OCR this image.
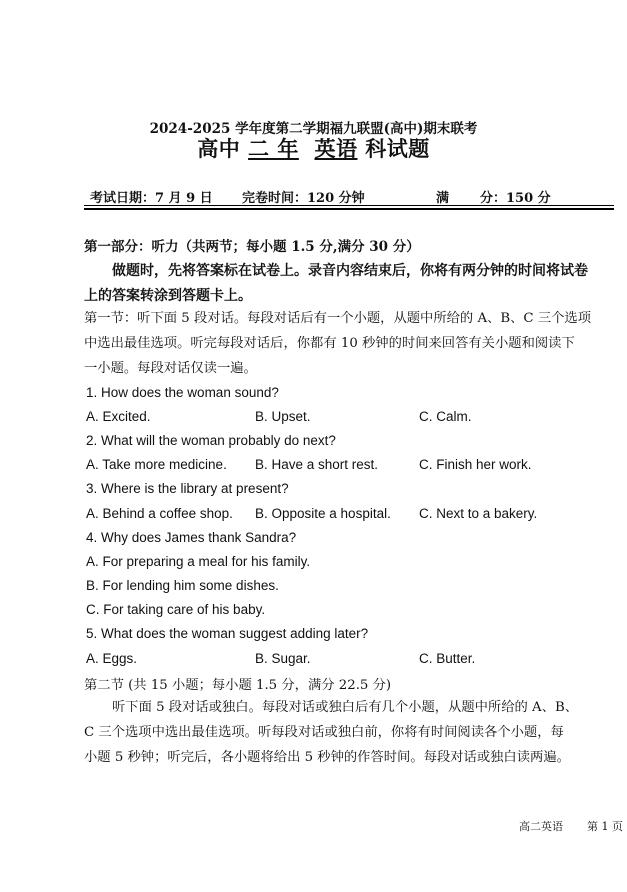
2024-2025 学年度第二学期福九联盟(高中)期末联考
高中 二 年 英语 科试题
考试日期：7 月 9 日 完卷时间：120 分钟	满 分：150 分
第一部分：听力（共两节；每小题 1.5 分,满分 30 分）
做题时，先将答案标在试卷上。录音内容结束后，你将有两分钟的时间将试卷
上的答案转涂到答题卡上。
第一节：听下面 5 段对话。每段对话后有一个小题，从题中所给的 A、B、C 三个选项
中选出最佳选项。听完每段对话后，你都有 10 秒钟的时间来回答有关小题和阅读下
一小题。每段对话仅读一遍。
1. How does the woman sound?
A. Excited.	B. Upset.	C. Calm.
2. What will the woman probably do next?
A. Take more medicine. B. Have a short rest.	C. Finish her work.
3. Where is the library at present?
A. Behind a coffee shop. B. Opposite a hospital. C. Next to a bakery.
4. Why does James thank Sandra?
A. For preparing a meal for his family.
B. For lending him some dishes.
C. For taking care of his baby.
5. What does the woman suggest adding later?
A. Eggs.	B. Sugar.	C. Butter.
第二节 (共 15 小题；每小题 1.5 分，满分 22.5 分)
听下面 5 段对话或独白。每段对话或独白后有几个小题，从题中所给的 A、B、
C 三个选项中选出最佳选项。听每段对话或独白前，你将有时间阅读各个小题，每
小题 5 秒钟；听完后，各小题将给出 5 秒钟的作答时间。每段对话或独白读两遍。
高二英语 第 1 页
